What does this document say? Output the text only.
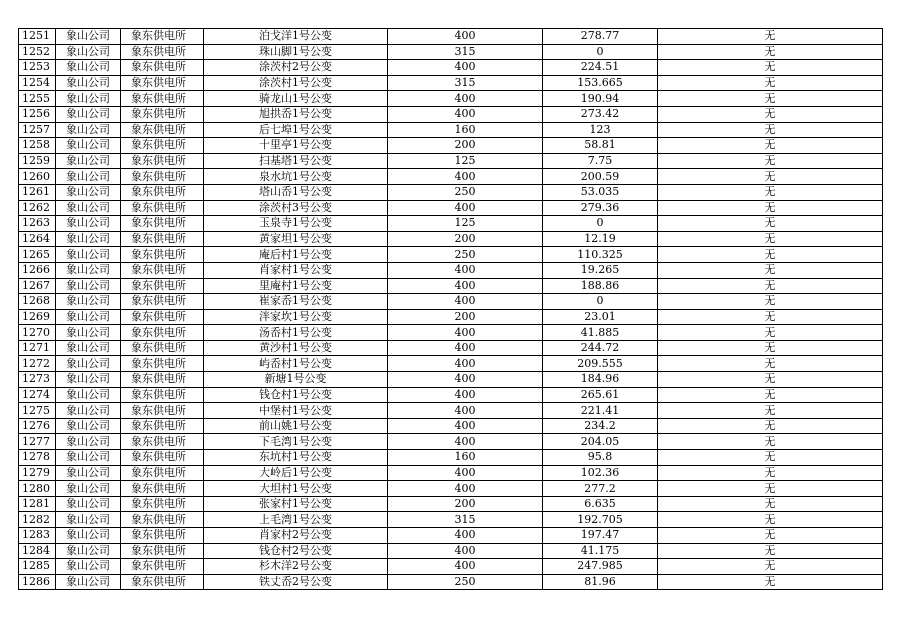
1251	象山公司	象东供电所	泊戈洋1号公变	400	278.77	无
1252	象山公司	象东供电所	珠山脚1号公变	315	0	无
1253	象山公司	象东供电所	涂茨村2号公变	400	224.51	无
1254	象山公司	象东供电所	涂茨村1号公变	315	153.665	无
1255	象山公司	象东供电所	骑龙山1号公变	400	190.94	无
1256	象山公司	象东供电所	旭拱岙1号公变	400	273.42	无
1257	象山公司	象东供电所	后七埠1号公变	160	123	无
1258	象山公司	象东供电所	十里亭1号公变	200	58.81	无
1259	象山公司	象东供电所	扫基塔1号公变	125	7.75	无
1260	象山公司	象东供电所	泉水坑1号公变	400	200.59	无
1261	象山公司	象东供电所	塔山岙1号公变	250	53.035	无
1262	象山公司	象东供电所	涂茨村3号公变	400	279.36	无
1263	象山公司	象东供电所	玉泉寺1号公变	125	0	无
1264	象山公司	象东供电所	黄家坦1号公变	200	12.19	无
1265	象山公司	象东供电所	庵后村1号公变	250	110.325	无
1266	象山公司	象东供电所	肖家村1号公变	400	19.265	无
1267	象山公司	象东供电所	里庵村1号公变	400	188.86	无
1268	象山公司	象东供电所	崔家岙1号公变	400	0	无
1269	象山公司	象东供电所	泮家坎1号公变	200	23.01	无
1270	象山公司	象东供电所	汤岙村1号公变	400	41.885	无
1271	象山公司	象东供电所	黄沙村1号公变	400	244.72	无
1272	象山公司	象东供电所	屿岙村1号公变	400	209.555	无
1273	象山公司	象东供电所	新塘1号公变	400	184.96	无
1274	象山公司	象东供电所	钱仓村1号公变	400	265.61	无
1275	象山公司	象东供电所	中堡村1号公变	400	221.41	无
1276	象山公司	象东供电所	前山姚1号公变	400	234.2	无
1277	象山公司	象东供电所	下毛湾1号公变	400	204.05	无
1278	象山公司	象东供电所	东坑村1号公变	160	95.8	无
1279	象山公司	象东供电所	大岭后1号公变	400	102.36	无
1280	象山公司	象东供电所	大坦村1号公变	400	277.2	无
1281	象山公司	象东供电所	张家村1号公变	200	6.635	无
1282	象山公司	象东供电所	上毛湾1号公变	315	192.705	无
1283	象山公司	象东供电所	肖家村2号公变	400	197.47	无
1284	象山公司	象东供电所	钱仓村2号公变	400	41.175	无
1285	象山公司	象东供电所	杉木洋2号公变	400	247.985	无
1286	象山公司	象东供电所	铁丈岙2号公变	250	81.96	无
